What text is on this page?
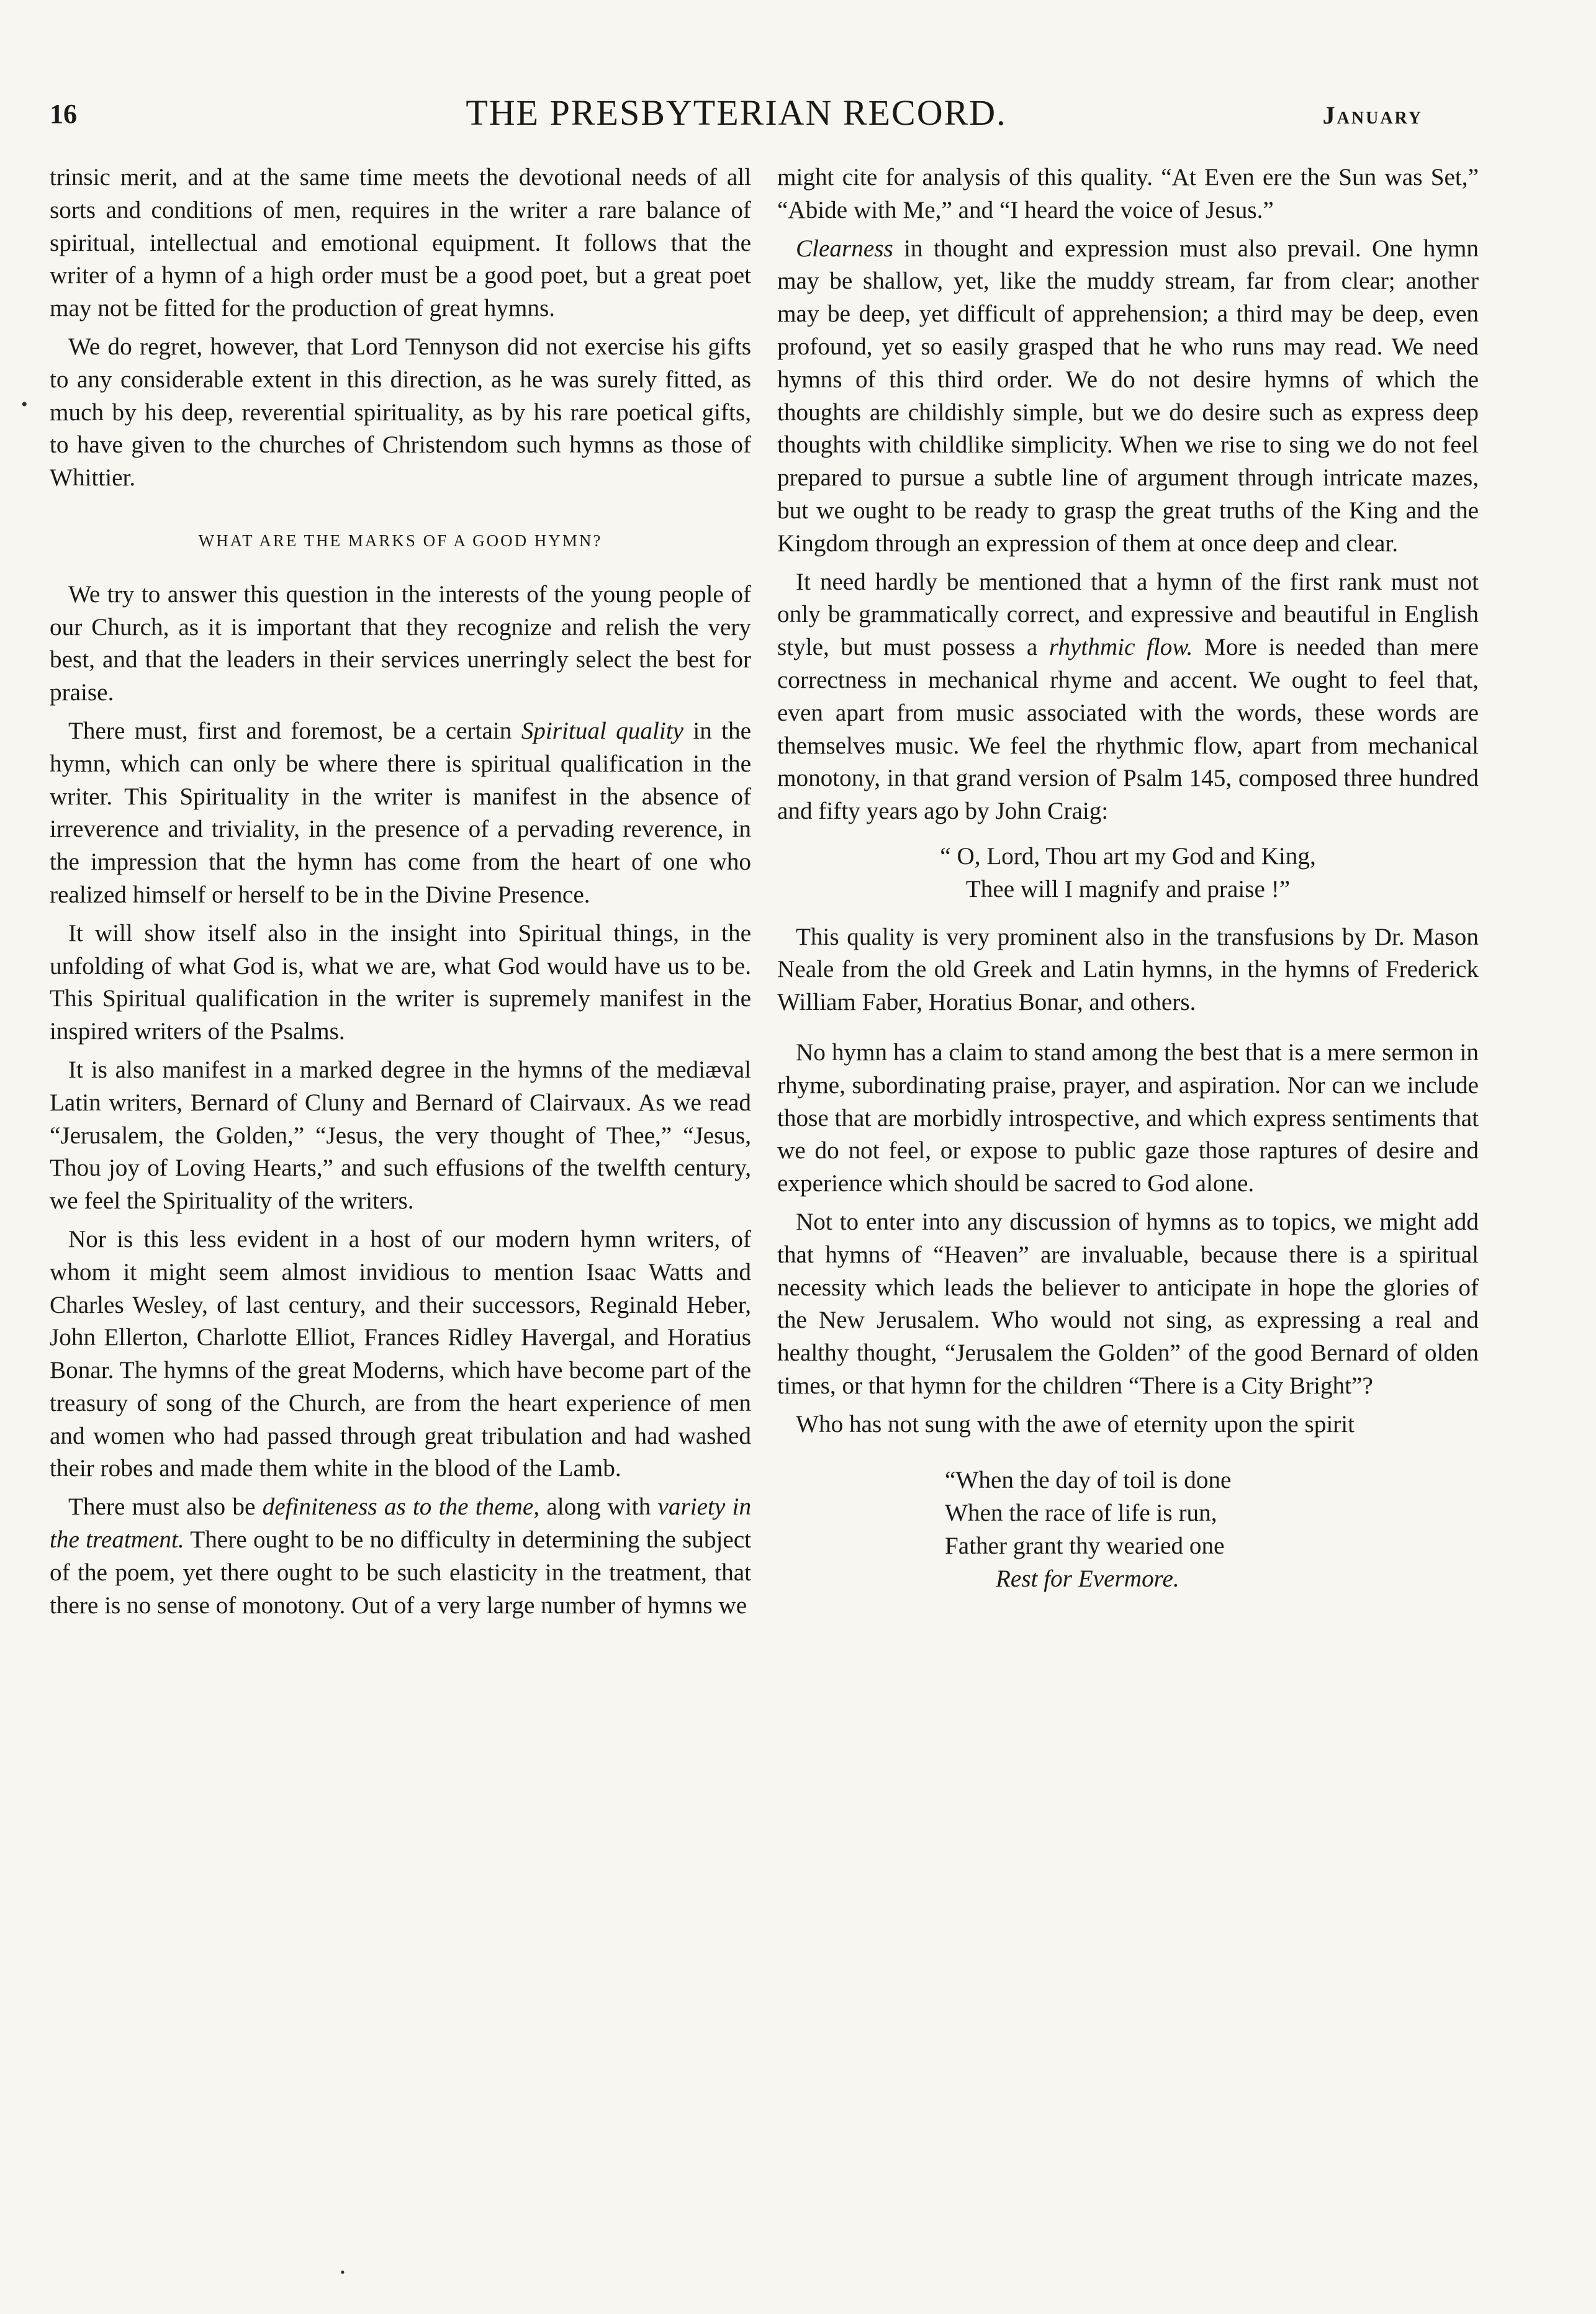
16	THE PRESBYTERIAN RECORD.	January

trinsic merit, and at the same time meets the devotional needs of all sorts and conditions of men, requires in the writer a rare balance of spiritual, intellectual and emotional equipment. It follows that the writer of a hymn of a high order must be a good poet, but a great poet may not be fitted for the production of great hymns.

We do regret, however, that Lord Tennyson did not exercise his gifts to any considerable extent in this direction, as he was surely fitted, as much by his deep, reverential spirituality, as by his rare poetical gifts, to have given to the churches of Christendom such hymns as those of Whittier.

WHAT ARE THE MARKS OF A GOOD HYMN?

We try to answer this question in the interests of the young people of our Church, as it is important that they recognize and relish the very best, and that the leaders in their services unerringly select the best for praise.

There must, first and foremost, be a certain Spiritual quality in the hymn, which can only be where there is spiritual qualification in the writer. This Spirituality in the writer is manifest in the absence of irreverence and triviality, in the presence of a pervading reverence, in the impression that the hymn has come from the heart of one who realized himself or herself to be in the Divine Presence.

It will show itself also in the insight into Spiritual things, in the unfolding of what God is, what we are, what God would have us to be. This Spiritual qualification in the writer is supremely manifest in the inspired writers of the Psalms.

It is also manifest in a marked degree in the hymns of the mediæval Latin writers, Bernard of Cluny and Bernard of Clairvaux. As we read “Jerusalem, the Golden,” “Jesus, the very thought of Thee,” “Jesus, Thou joy of Loving Hearts,” and such effusions of the twelfth century, we feel the Spirituality of the writers.

Nor is this less evident in a host of our modern hymn writers, of whom it might seem almost invidious to mention Isaac Watts and Charles Wesley, of last century, and their successors, Reginald Heber, John Ellerton, Charlotte Elliot, Frances Ridley Havergal, and Horatius Bonar. The hymns of the great Moderns, which have become part of the treasury of song of the Church, are from the heart experience of men and women who had passed through great tribulation and had washed their robes and made them white in the blood of the Lamb.

There must also be definiteness as to the theme, along with variety in the treatment. There ought to be no difficulty in determining the subject of the poem, yet there ought to be such elasticity in the treatment, that there is no sense of monotony. Out of a very large number of hymns we

might cite for analysis of this quality. “At Even ere the Sun was Set,” “Abide with Me,” and “I heard the voice of Jesus.”

Clearness in thought and expression must also prevail. One hymn may be shallow, yet, like the muddy stream, far from clear; another may be deep, yet difficult of apprehension; a third may be deep, even profound, yet so easily grasped that he who runs may read. We need hymns of this third order. We do not desire hymns of which the thoughts are childishly simple, but we do desire such as express deep thoughts with childlike simplicity. When we rise to sing we do not feel prepared to pursue a subtle line of argument through intricate mazes, but we ought to be ready to grasp the great truths of the King and the Kingdom through an expression of them at once deep and clear.

It need hardly be mentioned that a hymn of the first rank must not only be grammatically correct, and expressive and beautiful in English style, but must possess a rhythmic flow. More is needed than mere correctness in mechanical rhyme and accent. We ought to feel that, even apart from music associated with the words, these words are themselves music. We feel the rhythmic flow, apart from mechanical monotony, in that grand version of Psalm 145, composed three hundred and fifty years ago by John Craig:

“ O, Lord, Thou art my God and King,
Thee will I magnify and praise !”

This quality is very prominent also in the transfusions by Dr. Mason Neale from the old Greek and Latin hymns, in the hymns of Frederick William Faber, Horatius Bonar, and others.

No hymn has a claim to stand among the best that is a mere sermon in rhyme, subordinating praise, prayer, and aspiration. Nor can we include those that are morbidly introspective, and which express sentiments that we do not feel, or expose to public gaze those raptures of desire and experience which should be sacred to God alone.

Not to enter into any discussion of hymns as to topics, we might add that hymns of “Heaven” are invaluable, because there is a spiritual necessity which leads the believer to anticipate in hope the glories of the New Jerusalem. Who would not sing, as expressing a real and healthy thought, “Jerusalem the Golden” of the good Bernard of olden times, or that hymn for the children “There is a City Bright”?

Who has not sung with the awe of eternity upon the spirit

“When the day of toil is done
When the race of life is run,
Father grant thy wearied one
Rest for Evermore.
•
•
